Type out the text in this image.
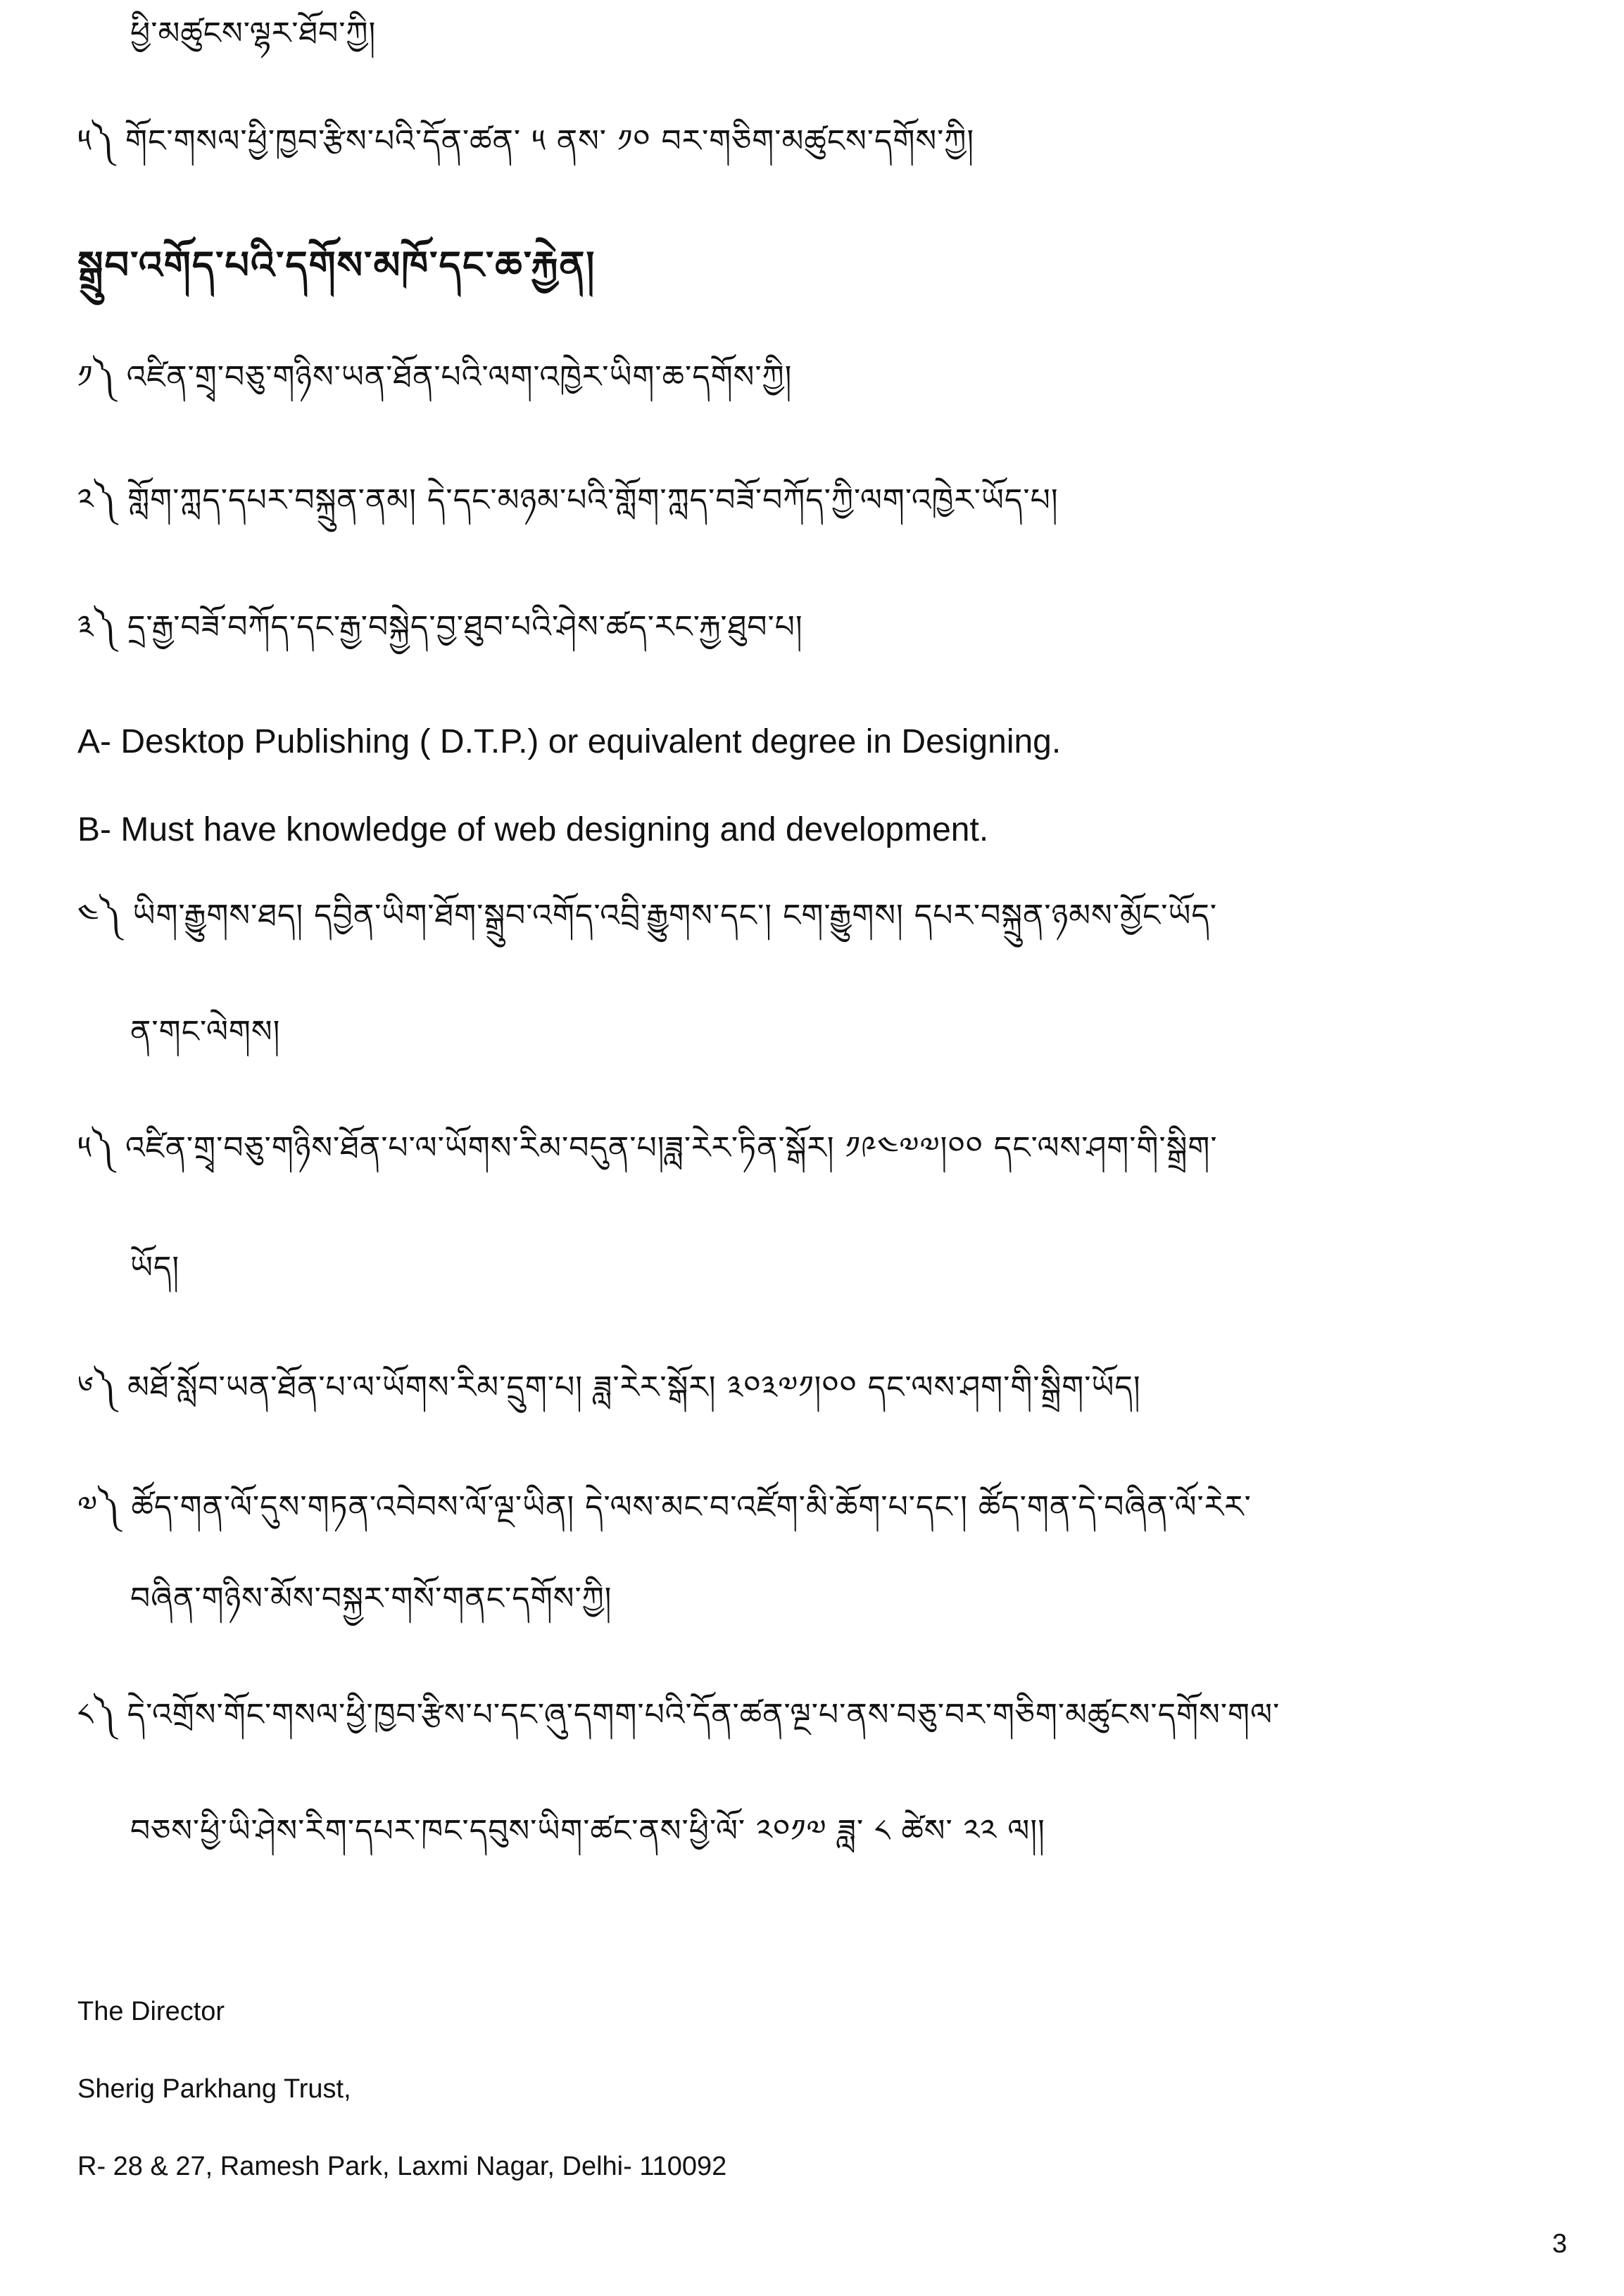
ཕྱི་མཚུངས་ལྷར་ཐོབ་ཀྱི།
༥༽ གོང་གསལ་ཕྱི་ཁྱབ་རྩིས་པའི་དོན་ཚན་ ༥ ནས་ ༡༠ བར་གཅིག་མཚུངས་དགོས་ཀྱི།
སྒྲུབ་འགོད་པའི་དགོས་མཁོ་དང་ཆ་རྐྱེན།
༡༽ འཛིན་གྲྭ་བཅུ་གཉིས་ཡན་ཐོན་པའི་ལག་འཁྱེར་ཡིག་ཆ་དགོས་ཀྱི།
༢༽ གློག་ཀླད་དཔར་བསྐྲུན་ནམ། དེ་དང་མཉམ་པའི་གློག་ཀླད་བཟོ་བཀོད་ཀྱི་ལག་འཁྱེར་ཡོད་པ།
༣༽ དྲ་རྒྱ་བཟོ་བཀོད་དང་རྒྱ་བསྐྱེད་བྱ་ཐུབ་པའི་ཤེས་ཚད་རང་རྐྱ་ཐུབ་པ།
A- Desktop Publishing ( D.T.P.) or equivalent degree in Designing.
B- Must have knowledge of web designing and development.
༤༽ ཡིག་རྒྱུགས་ཐད། དབྱིན་ཡིག་ཐོག་སྒྲུབ་འགོད་འབྲི་རྒྱུགས་དང་། ངག་རྒྱུགས། དཔར་བསྐྲུན་ཉམས་མྱོང་ཡོད་
ན་གང་ལེགས།
༥༽ འཛིན་གྲྭ་བཅུ་གཉིས་ཐོན་པ་ལ་ཡོགས་རིམ་བདུན་པ།ཟླ་རེར་ཏིན་སྒོར། ༡༩༤༧༧།༠༠ དང་ལས་ཤག་གི་སྒྲིག་
ཡོད།
༦༽ མཐོ་སློབ་ཡན་ཐོན་པ་ལ་ཡོགས་རིམ་དྲུག་པ། ཟླ་རེར་སྒོར། ༣༠༣༧༡།༠༠ དང་ལས་ཤག་གི་སྒྲིག་ཡོད།
༧༽ ཚོད་གན་ལོ་དུས་གཏན་འབེབས་ལོ་ལྔ་ཡིན། དེ་ལས་མང་བ་འཛོག་མི་ཆོག་པ་དང་། ཚོད་གན་དེ་བཞིན་ལོ་རེར་
བཞིན་གཉིས་མོས་བསྐྱར་གསོ་གནང་དགོས་ཀྱི།
༨༽ དེ་འགྲོས་གོང་གསལ་ཕྱི་ཁྱབ་རྩིས་པ་དང་ཞུ་དགག་པའི་དོན་ཚན་ལྔ་པ་ནས་བཅུ་བར་གཅིག་མཚུངས་དགོས་གལ་
བཅས་ཕྱི་ཡི་ཤེས་རིག་དཔར་ཁང་དབུས་ཡིག་ཚང་ནས་ཕྱི་ལོ་ ༢༠༡༧ ཟླ་ ༨ ཚེས་ ༢༢ ལ།།
The Director
Sherig Parkhang Trust,
R- 28 & 27, Ramesh Park, Laxmi Nagar, Delhi- 110092
3
